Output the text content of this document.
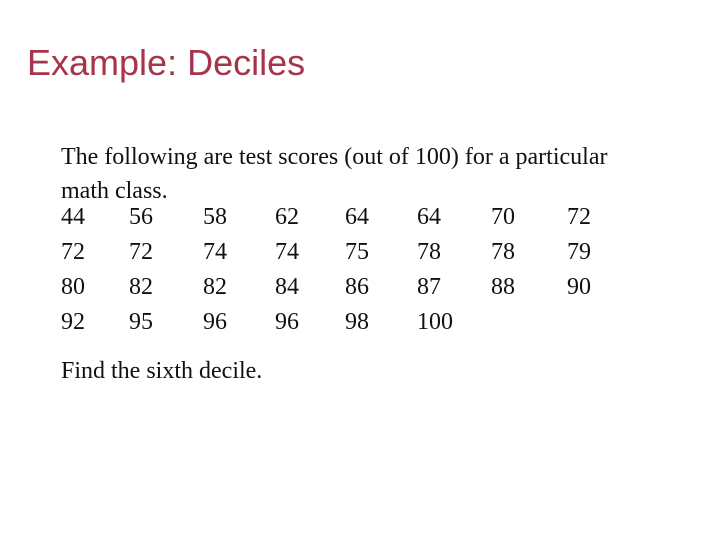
Example: Deciles
The following are test scores (out of 100) for a particular math class.
44	56	58	62	64	64	70	72
72	72	74	74	75	78	78	79
80	82	82	84	86	87	88	90
92	95	96	96	98	100		
Find the sixth decile.
